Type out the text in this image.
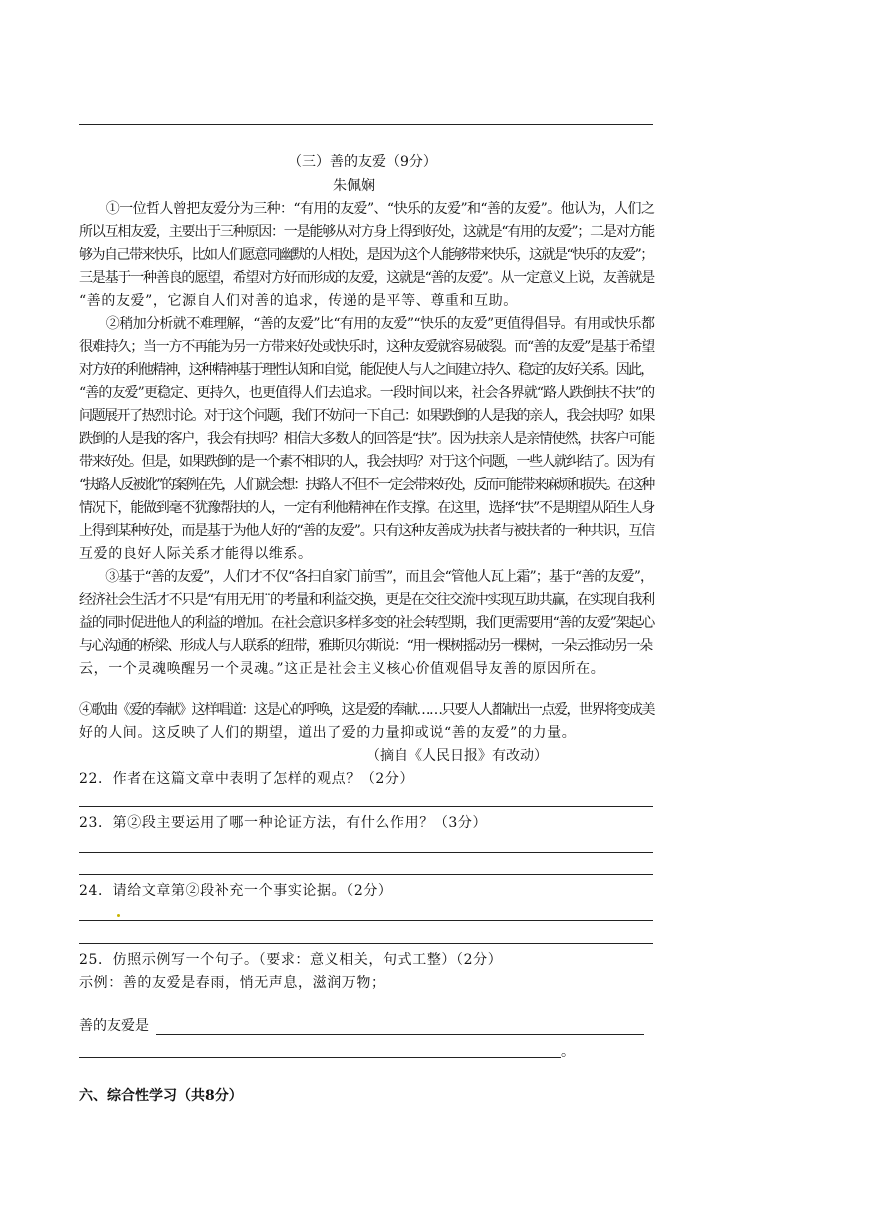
（三）善的友爱（9分）
朱佩娴
　　①一位哲人曾把友爱分为三种：“有用的友爱”、“快乐的友爱”和“善的友爱”。他认为，人们之
所以互相友爱，主要出于三种原因：一是能够从对方身上得到好处，这就是“有用的友爱”；二是对方能
够为自己带来快乐，比如人们愿意同幽默的人相处，是因为这个人能够带来快乐，这就是“快乐的友爱”；
三是基于一种善良的愿望，希望对方好而形成的友爱，这就是“善的友爱”。从一定意义上说，友善就是
“善的友爱”，它源自人们对善的追求，传递的是平等、尊重和互助。
　　②稍加分析就不难理解，“善的友爱”比“有用的友爱”“快乐的友爱”更值得倡导。有用或快乐都
很难持久；当一方不再能为另一方带来好处或快乐时，这种友爱就容易破裂。而“善的友爱”是基于希望
对方好的利他精神，这种精神基于理性认知和自觉，能促使人与人之间建立持久、稳定的友好关系。因此，
“善的友爱”更稳定、更持久，也更值得人们去追求。一段时间以来，社会各界就“路人跌倒扶不扶”的
问题展开了热烈讨论。对于这个问题，我们不妨问一下自己：如果跌倒的人是我的亲人，我会扶吗？如果
跌倒的人是我的客户，我会有扶吗？相信大多数人的回答是“扶”。因为扶亲人是亲情使然，扶客户可能
带来好处。但是，如果跌倒的是一个素不相识的人，我会扶吗？对于这个问题，一些人就纠结了。因为有
“扶路人反被讹”的案例在先，人们就会想：扶路人不但不一定会带来好处，反而可能带来麻烦和损失。在这种
情况下，能做到毫不犹豫帮扶的人，一定有利他精神在作支撑。在这里，选择“扶”不是期望从陌生人身
上得到某种好处，而是基于为他人好的“善的友爱”。只有这种友善成为扶者与被扶者的一种共识，互信
互爱的良好人际关系才能得以维系。
　　③基于“善的友爱”，人们才不仅“各扫自家门前雪”，而且会“管他人瓦上霜”；基于“善的友爱”，
经济社会生活才不只是“有用无用¨的考量和利益交换，更是在交往交流中实现互助共赢，在实现自我利
益的同时促进他人的利益的增加。在社会意识多样多变的社会转型期，我们更需要用“善的友爱”架起心
与心沟通的桥梁、形成人与人联系的纽带，雅斯贝尔斯说：“用一棵树摇动另一棵树，一朵云推动另一朵
云，一个灵魂唤醒另一个灵魂。”这正是社会主义核心价值观倡导友善的原因所在。
④歌曲《爱的奉献》这样唱道：这是心的呼唤，这是爱的奉献……只要人人都献出一点爱，世界将变成美
好的人间。这反映了人们的期望，道出了爱的力量抑或说“善的友爱”的力量。
（摘自《人民日报》有改动）
22．作者在这篇文章中表明了怎样的观点？（2分）
23．第②段主要运用了哪一种论证方法，有什么作用？（3分）
24．请给文章第②段补充一个事实论据。（2分）
25．仿照示例写一个句子。（要求：意义相关，句式工整）（2分）
示例：善的友爱是春雨，悄无声息，滋润万物；
善的友爱是
。
六、综合性学习（共8分）
